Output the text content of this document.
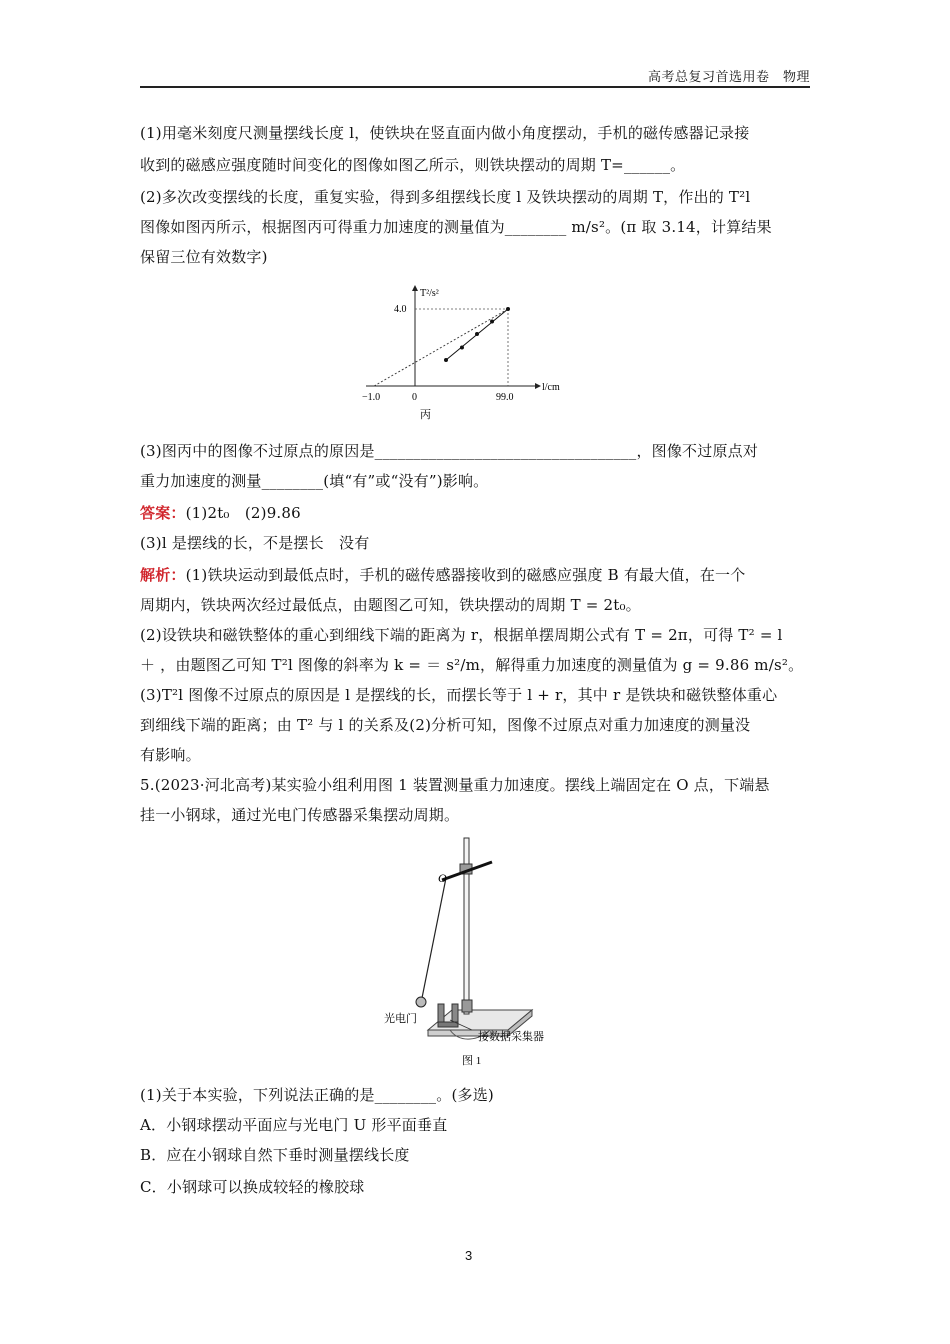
高考总复习首选用卷　物理
(1)用毫米刻度尺测量摆线长度 l，使铁块在竖直面内做小角度摆动，手机的磁传感器记录接
收到的磁感应强度随时间变化的图像如图乙所示，则铁块摆动的周期 T=______。
(2)多次改变摆线的长度，重复实验，得到多组摆线长度 l 及铁块摆动的周期 T，作出的 T²l
图像如图丙所示，根据图丙可得重力加速度的测量值为________ m/s²。(π 取 3.14，计算结果
保留三位有效数字)
T²/s²
l/cm
4.0
−1.0	0	99.0
丙
(3)图丙中的图像不过原点的原因是__________________________________，图像不过原点对
重力加速度的测量________(填“有”或“没有”)影响。
答案：(1)2t₀　(2)9.86
(3)l 是摆线的长，不是摆长　没有
解析：(1)铁块运动到最低点时，手机的磁传感器接收到的磁感应强度 B 有最大值，在一个
周期内，铁块两次经过最低点，由题图乙可知，铁块摆动的周期 T = 2t₀。
(2)设铁块和磁铁整体的重心到细线下端的距离为 r，根据单摆周期公式有 T = 2π，可得 T² = l
＋ ，由题图乙可知 T²l 图像的斜率为 k = ＝ s²/m，解得重力加速度的测量值为 g = 9.86 m/s²。
(3)T²l 图像不过原点的原因是 l 是摆线的长，而摆长等于 l + r，其中 r 是铁块和磁铁整体重心
到细线下端的距离；由 T² 与 l 的关系及(2)分析可知，图像不过原点对重力加速度的测量没
有影响。
5.(2023·河北高考)某实验小组利用图 1 装置测量重力加速度。摆线上端固定在 O 点，下端悬
挂一小钢球，通过光电门传感器采集摆动周期。
O
光电门
接数据采集器
图 1
(1)关于本实验，下列说法正确的是________。(多选)
A．小钢球摆动平面应与光电门 U 形平面垂直
B．应在小钢球自然下垂时测量摆线长度
C．小钢球可以换成较轻的橡胶球
3
